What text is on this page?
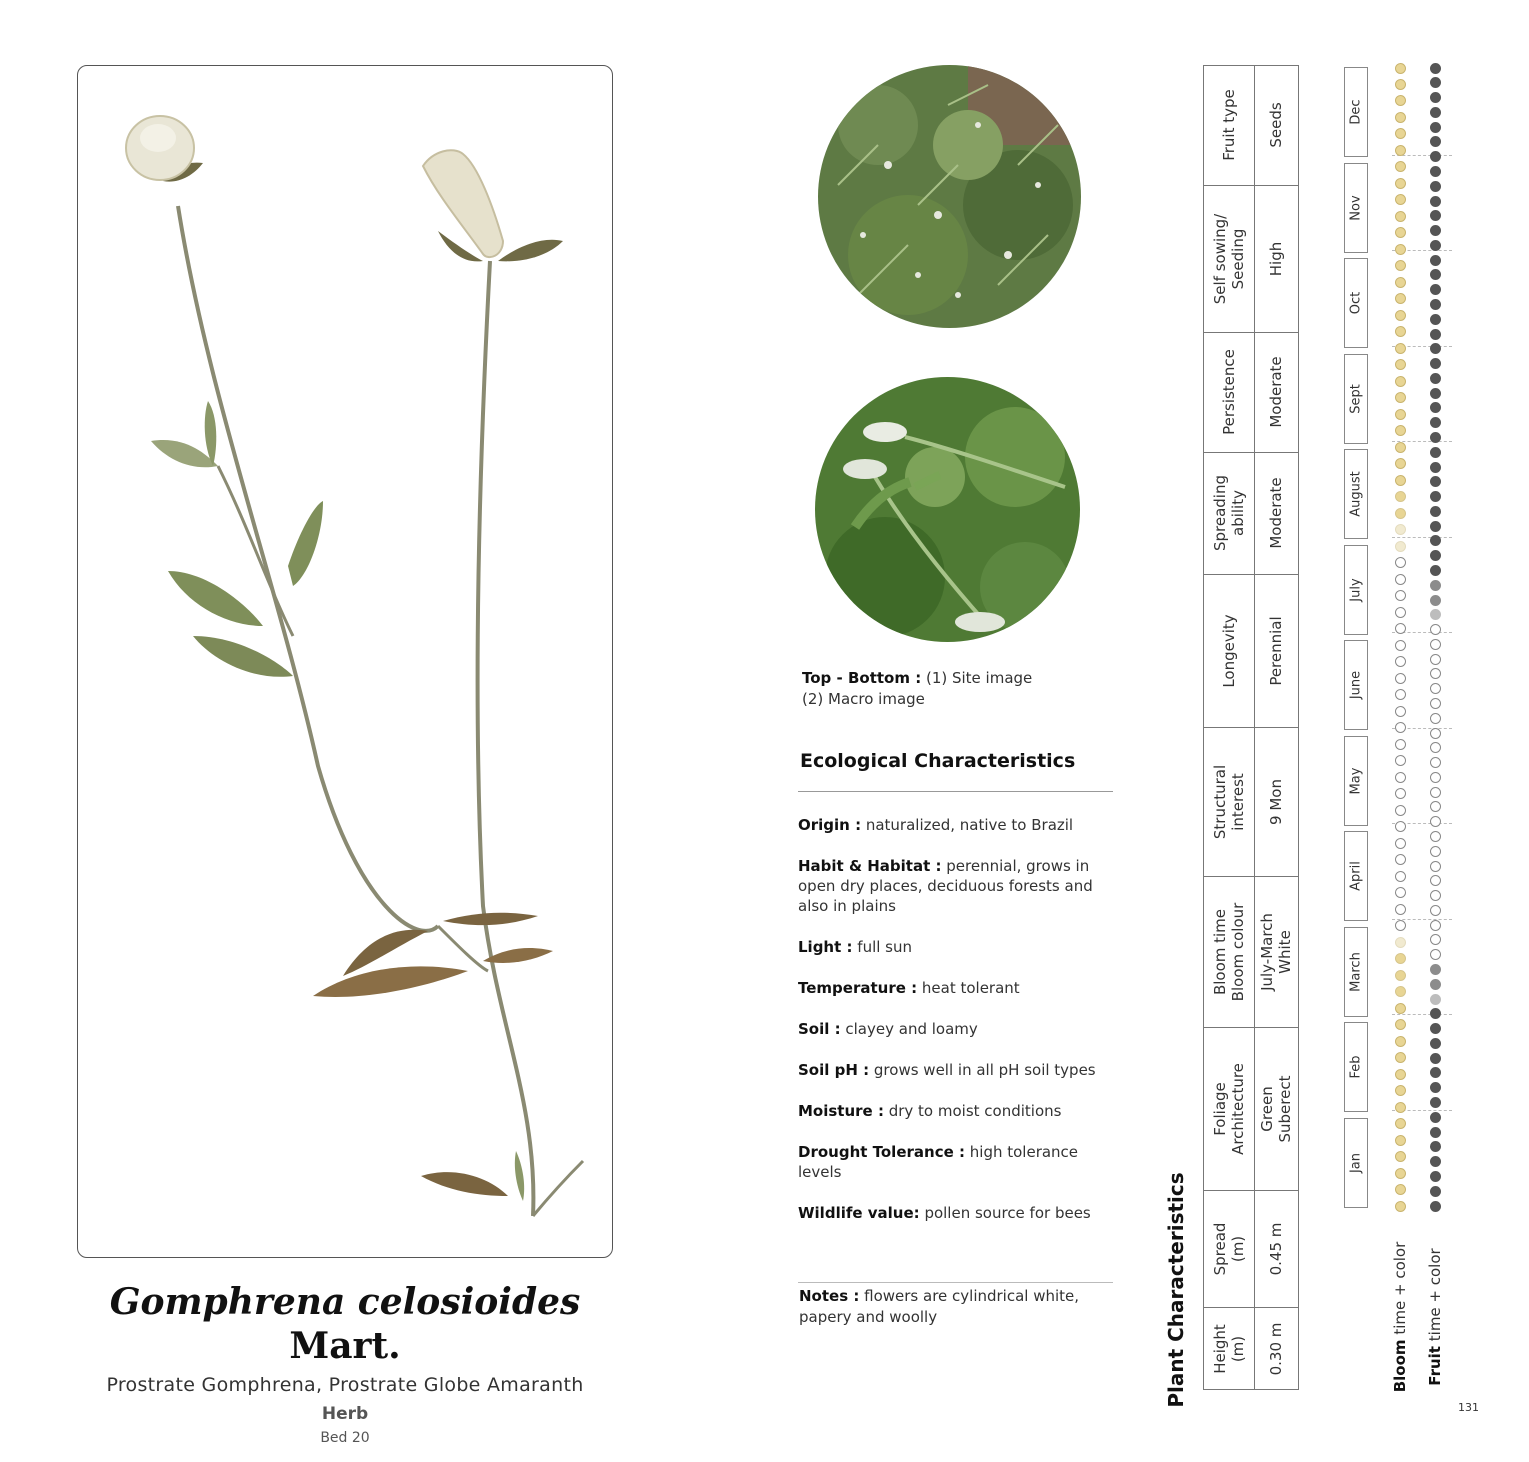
Gomphrena celosioides Mart.
Prostrate Gomphrena, Prostrate Globe Amaranth
Herb
Bed 20
Top - Bottom : (1) Site image
(2) Macro image
Ecological Characteristics
Origin : naturalized, native to Brazil
Habit & Habitat : perennial, grows in open dry places, deciduous forests and also in plains
Light : full sun
Temperature : heat tolerant
Soil : clayey and loamy
Soil pH : grows well in all pH soil types
Moisture : dry to moist conditions
Drought Tolerance : high tolerance levels
Wildlife value: pollen source for bees
Notes : flowers are cylindrical white, papery and woolly	Plant Characteristics
Fruit type Seeds
Self sowing/
Seeding High
Persistence Moderate
Spreading
ability Moderate
Longevity Perennial
Structural
interest 9 Mon
Bloom time
Bloom colour July-March
White
Foliage
Architecture Green
Suberect
Spread
(m) 0.45 m
Height
(m) 0.30 m
Dec
Nov
Oct
Sept
August
July
June
May
April
March
Feb
Jan
Bloom time + color
Fruit time + color
131
